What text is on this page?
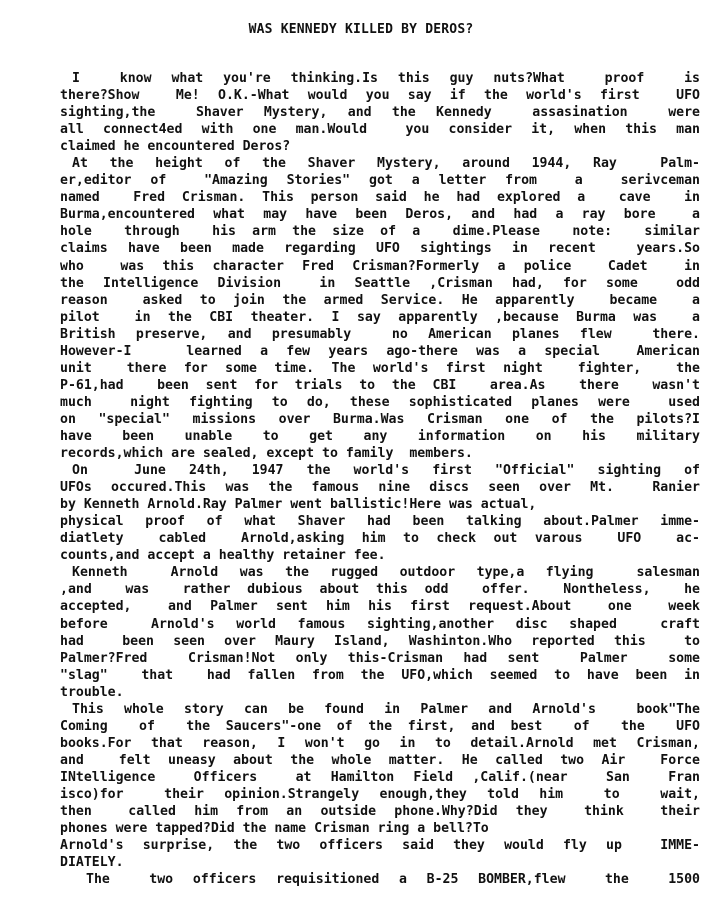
WAS KENNEDY KILLED BY DEROS?
I  know what you're thinking.Is this guy nuts?What  proof  is
there?Show  Me! O.K.-What would you say if the world's first  UFO
sighting,the  Shaver Mystery, and the Kennedy  assasination  were
all connect4ed with one man.Would  you consider it, when this man
claimed he encountered Deros?
At the height of the Shaver Mystery, around 1944, Ray  Palm-
er,editor of  "Amazing Stories" got a letter from  a  serivceman
named  Fred Crisman. This person said he had explored a  cave  in
Burma,encountered what may have been Deros, and had a ray bore  a
hole  through  his arm the size of a  dime.Please  note:  similar
claims have been made regarding UFO sightings in recent  years.So
who  was this character Fred Crisman?Formerly a police  Cadet  in
the Intelligence Division  in Seattle ,Crisman had, for some  odd
reason  asked to join the armed Service. He apparently  became  a
pilot  in the CBI theater. I say apparently ,because Burma was  a
British preserve, and presumably  no American planes flew  there.
However-I   learned a few years ago-there was a special  American
unit  there for some time. The world's first night  fighter,  the
P-61,had  been sent for trials to the CBI  area.As  there  wasn't
much  night fighting to do, these sophisticated planes were  used
on "special" missions over Burma.Was Crisman one of the pilots?I
have  been  unable  to  get  any  information  on  his  military
records,which are sealed, except to family  members.
On  June 24th, 1947 the world's first "Official" sighting of
UFOs occured.This was the famous nine discs seen over Mt.  Ranier
by Kenneth Arnold.Ray Palmer went ballistic!Here was actual,
physical proof of what Shaver had been talking about.Palmer imme-
diatlety  cabled  Arnold,asking him to check out varous  UFO  ac-
counts,and accept a healthy retainer fee.
Kenneth  Arnold was the rugged outdoor type,a flying  salesman
,and  was  rather dubious about this odd  offer.  Nontheless,  he
accepted,  and Palmer sent him his first request.About  one  week
before  Arnold's world famous sighting,another disc shaped  craft
had  been seen over Maury Island, Washinton.Who reported this  to
Palmer?Fred  Crisman!Not only this-Crisman had sent  Palmer  some
"slag"  that  had fallen from the UFO,which seemed to have been in
trouble.
This whole story can be found in Palmer and Arnold's  book"The
Coming  of  the Saucers"-one of the first, and best  of  the  UFO
books.For that reason, I won't go in to detail.Arnold met Crisman,
and  felt uneasy about the whole matter. He called two Air  Force
INtelligence  Officers  at Hamilton Field ,Calif.(near  San  Fran
isco)for  their opinion.Strangely enough,they told him  to  wait,
then  called him from an outside phone.Why?Did they  think  their
phones were tapped?Did the name Crisman ring a bell?To
Arnold's surprise, the two officers said they would fly up  IMME-
DIATELY.
The  two officers requisitioned a B-25 BOMBER,flew  the  1500
